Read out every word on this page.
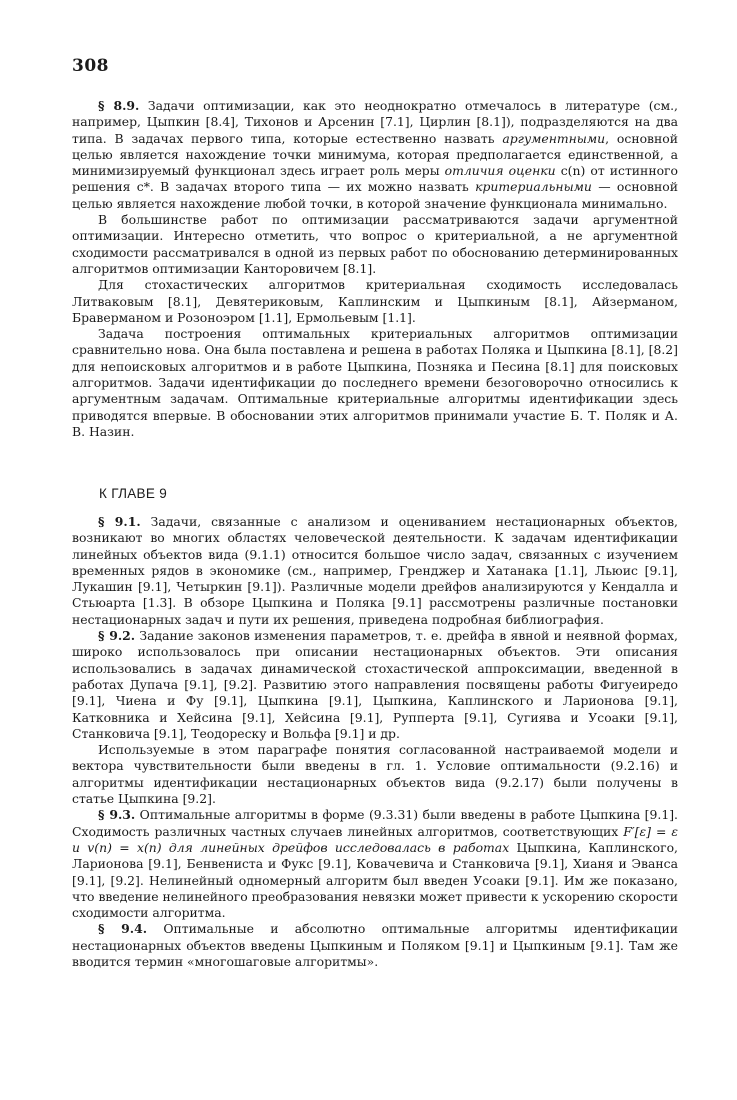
308

§ 8.9. Задачи оптимизации, как это неоднократно отмечалось в литературе (см., например, Цыпкин [8.4], Тихонов и Арсенин [7.1], Цирлин [8.1]), подразделяются на два типа. В задачах первого типа, которые естественно назвать аргументными, основной целью является нахождение точки минимума, которая предполагается единственной, а минимизируемый функционал здесь играет роль меры отличия оценки c(n) от истинного решения c*. В задачах второго типа — их можно назвать критериальными — основной целью является нахождение любой точки, в которой значение функционала минимально.

В большинстве работ по оптимизации рассматриваются задачи аргументной оптимизации. Интересно отметить, что вопрос о критериальной, а не аргументной сходимости рассматривался в одной из первых работ по обоснованию детерминированных алгоритмов оптимизации Канторовичем [8.1].

Для стохастических алгоритмов критериальная сходимость исследовалась Литваковым [8.1], Девятериковым, Каплинским и Цыпкиным [8.1], Айзерманом, Браверманом и Розоноэром [1.1], Ермольевым [1.1].

Задача построения оптимальных критериальных алгоритмов оптимизации сравнительно нова. Она была поставлена и решена в работах Поляка и Цыпкина [8.1], [8.2] для непоисковых алгоритмов и в работе Цыпкина, Позняка и Песина [8.1] для поисковых алгоритмов. Задачи идентификации до последнего времени безоговорочно относились к аргументным задачам. Оптимальные критериальные алгоритмы идентификации здесь приводятся впервые. В обосновании этих алгоритмов принимали участие Б. Т. Поляк и А. В. Назин.

К ГЛАВЕ 9

§ 9.1. Задачи, связанные с анализом и оцениванием нестационарных объектов, возникают во многих областях человеческой деятельности. К задачам идентификации линейных объектов вида (9.1.1) относится большое число задач, связанных с изучением временных рядов в экономике (см., например, Гренджер и Хатанака [1.1], Льюис [9.1], Лукашин [9.1], Четыркин [9.1]). Различные модели дрейфов анализируются у Кендалла и Стьюарта [1.3]. В обзоре Цыпкина и Поляка [9.1] рассмотрены различные постановки нестационарных задач и пути их решения, приведена подробная библиография.

§ 9.2. Задание законов изменения параметров, т. е. дрейфа в явной и неявной формах, широко использовалось при описании нестационарных объектов. Эти описания использовались в задачах динамической стохастической аппроксимации, введенной в работах Дупача [9.1], [9.2]. Развитию этого направления посвящены работы Фигуеиредо [9.1], Чиена и Фу [9.1], Цыпкина [9.1], Цыпкина, Каплинского и Ларионова [9.1], Катковника и Хейсина [9.1], Хейсина [9.1], Рупперта [9.1], Сугиява и Усоаки [9.1], Станковича [9.1], Теодореску и Вольфа [9.1] и др.

Используемые в этом параграфе понятия согласованной настраиваемой модели и вектора чувствительности были введены в гл. 1. Условие оптимальности (9.2.16) и алгоритмы идентификации нестационарных объектов вида (9.2.17) были получены в статье Цыпкина [9.2].

§ 9.3. Оптимальные алгоритмы в форме (9.3.31) были введены в работе Цыпкина [9.1]. Сходимость различных частных случаев линейных алгоритмов, соответствующих F′[ε] = ε и v(n) = x(n) для линейных дрейфов исследовалась в работах Цыпкина, Каплинского, Ларионова [9.1], Бенвениста и Фукс [9.1], Ковачевича и Станковича [9.1], Хианя и Эванса [9.1], [9.2]. Нелинейный одномерный алгоритм был введен Усоаки [9.1]. Им же показано, что введение нелинейного преобразования невязки может привести к ускорению скорости сходимости алгоритма.

§ 9.4. Оптимальные и абсолютно оптимальные алгоритмы идентификации нестационарных объектов введены Цыпкиным и Поляком [9.1] и Цыпкиным [9.1]. Там же вводится термин «многошаговые алгоритмы».
